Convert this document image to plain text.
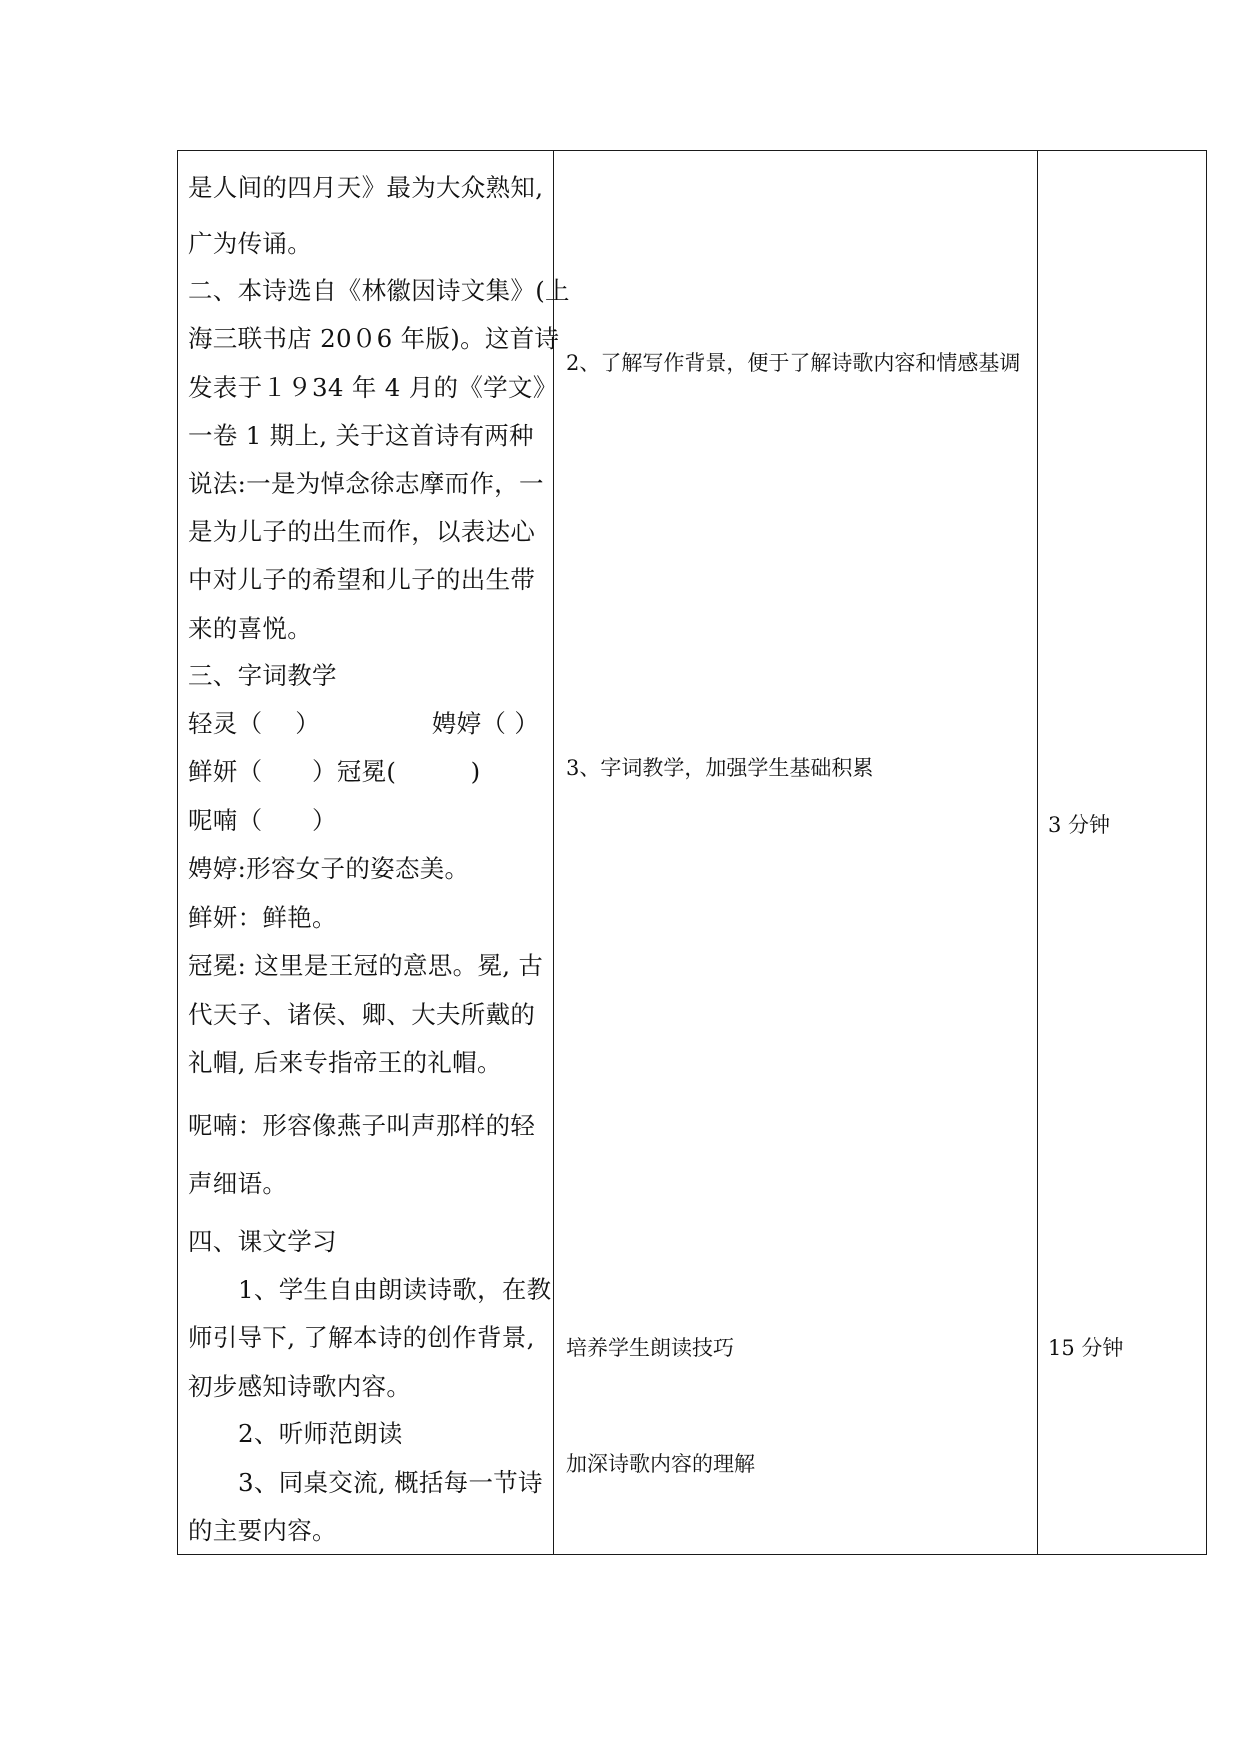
是人间的四月天》最为大众熟知,
广为传诵。
二、本诗选自《林徽因诗文集》(上
海三联书店 20０6 年版)。这首诗
发表于１９34 年 4 月的《学文》
一卷 1 期上, 关于这首诗有两种
说法:一是为悼念徐志摩而作，一
是为儿子的出生而作，以表达心
中对儿子的希望和儿子的出生带
来的喜悦。
三、字词教学
轻灵（　 ）　　　　　娉婷（ ）
鲜妍（　　）冠冕(　　　)
呢喃（　　）
娉婷:形容女子的姿态美。
鲜妍：鲜艳。
冠冕: 这里是王冠的意思。冕, 古
代天子、诸侯、卿、大夫所戴的
礼帽, 后来专指帝王的礼帽。
呢喃：形容像燕子叫声那样的轻
声细语。
四、课文学习
1、学生自由朗读诗歌，在教
师引导下, 了解本诗的创作背景,
初步感知诗歌内容。
2、听师范朗读
3、同桌交流, 概括每一节诗
的主要内容。
2、了解写作背景，便于了解诗歌内容和情感基调
3、字词教学，加强学生基础积累
培养学生朗读技巧
加深诗歌内容的理解
3 分钟
15 分钟
